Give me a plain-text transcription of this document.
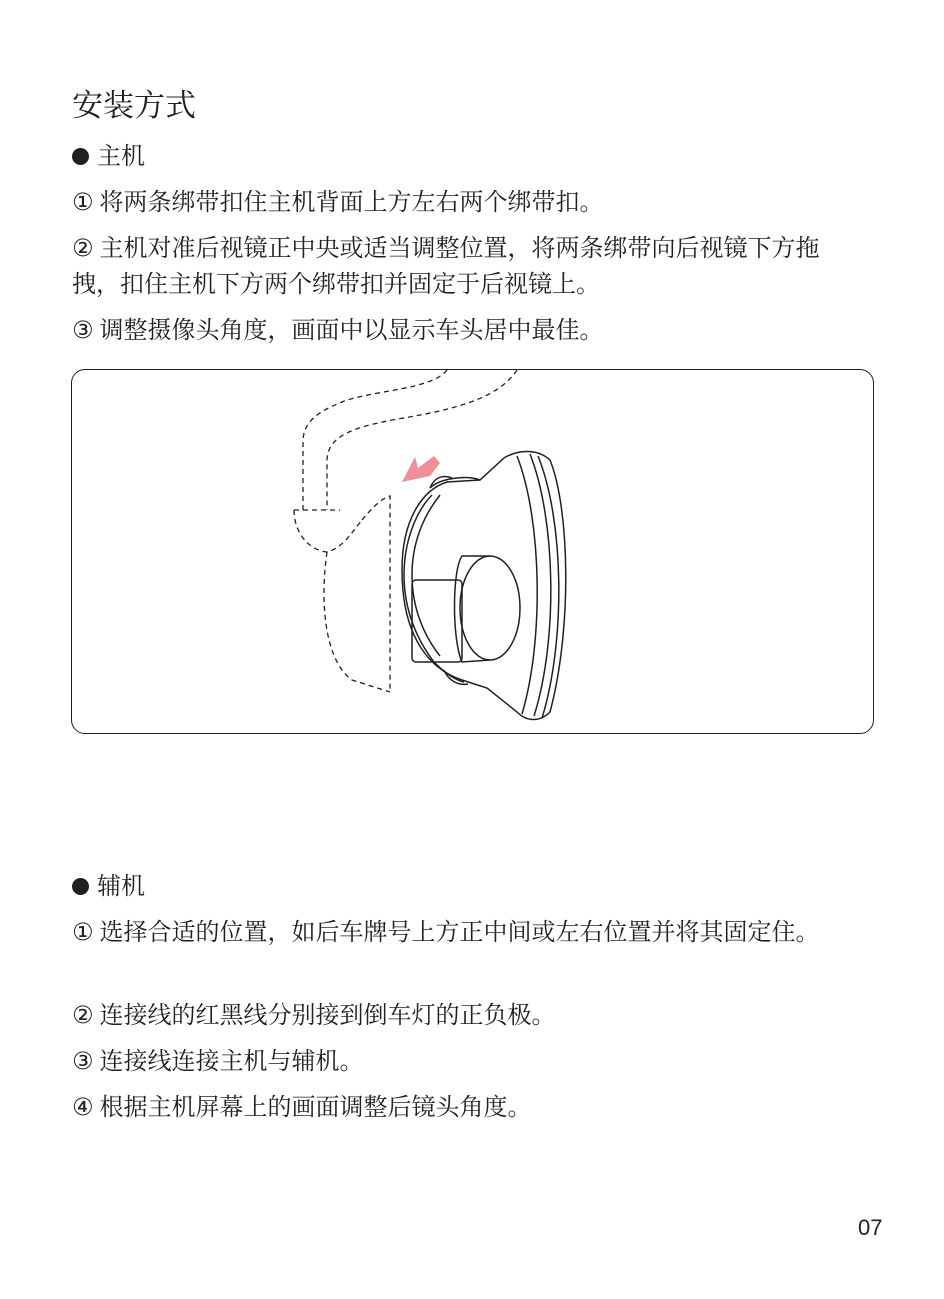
安装方式
主机
① 将两条绑带扣住主机背面上方左右两个绑带扣。
② 主机对准后视镜正中央或适当调整位置，将两条绑带向后视镜下方拖拽，扣住主机下方两个绑带扣并固定于后视镜上。
③ 调整摄像头角度，画面中以显示车头居中最佳。
辅机
① 选择合适的位置，如后车牌号上方正中间或左右位置并将其固定住。
② 连接线的红黑线分别接到倒车灯的正负极。
③ 连接线连接主机与辅机。
④ 根据主机屏幕上的画面调整后镜头角度。
07
